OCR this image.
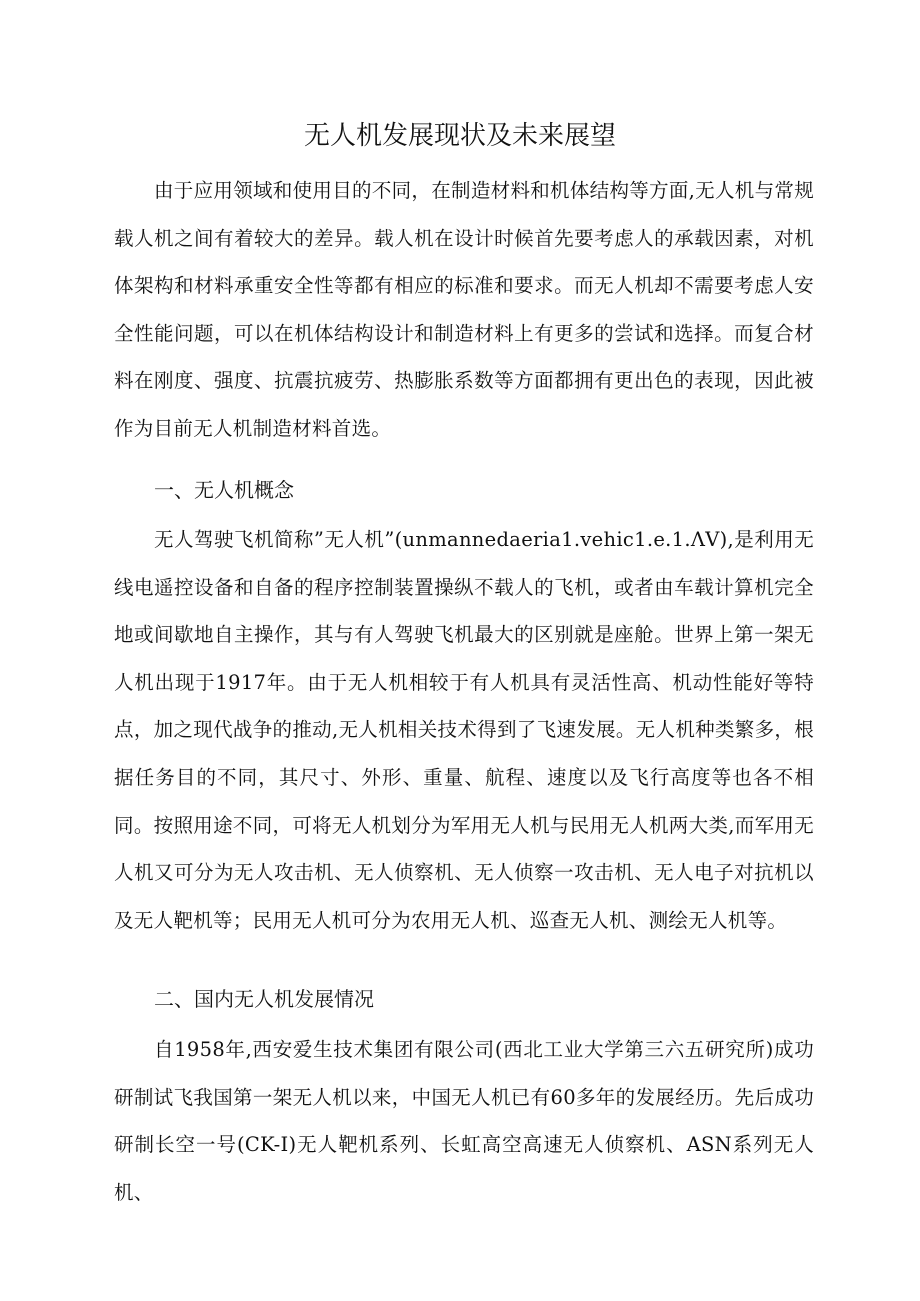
无人机发展现状及未来展望

由于应用领域和使用目的不同，在制造材料和机体结构等方面,无人机与常规载人机之间有着较大的差异。载人机在设计时候首先要考虑人的承载因素，对机体架构和材料承重安全性等都有相应的标准和要求。而无人机却不需要考虑人安全性能问题，可以在机体结构设计和制造材料上有更多的尝试和选择。而复合材料在刚度、强度、抗震抗疲劳、热膨胀系数等方面都拥有更出色的表现，因此被作为目前无人机制造材料首选。

一、无人机概念

无人驾驶飞机简称”无人机”(unmannedaeria1.vehic1.e.1.ΛV),是利用无线电遥控设备和自备的程序控制装置操纵不载人的飞机，或者由车载计算机完全地或间歇地自主操作，其与有人驾驶飞机最大的区别就是座舱。世界上第一架无人机出现于1917年。由于无人机相较于有人机具有灵活性高、机动性能好等特点，加之现代战争的推动,无人机相关技术得到了飞速发展。无人机种类繁多，根据任务目的不同，其尺寸、外形、重量、航程、速度以及飞行高度等也各不相同。按照用途不同，可将无人机划分为军用无人机与民用无人机两大类,而军用无人机又可分为无人攻击机、无人侦察机、无人侦察一攻击机、无人电子对抗机以及无人靶机等；民用无人机可分为农用无人机、巡查无人机、测绘无人机等。

二、国内无人机发展情况

自1958年,西安爱生技术集团有限公司(西北工业大学第三六五研究所)成功研制试飞我国第一架无人机以来，中国无人机已有60多年的发展经历。先后成功研制长空一号(CK-I)无人靶机系列、长虹高空高速无人侦察机、ASN系列无人机、
